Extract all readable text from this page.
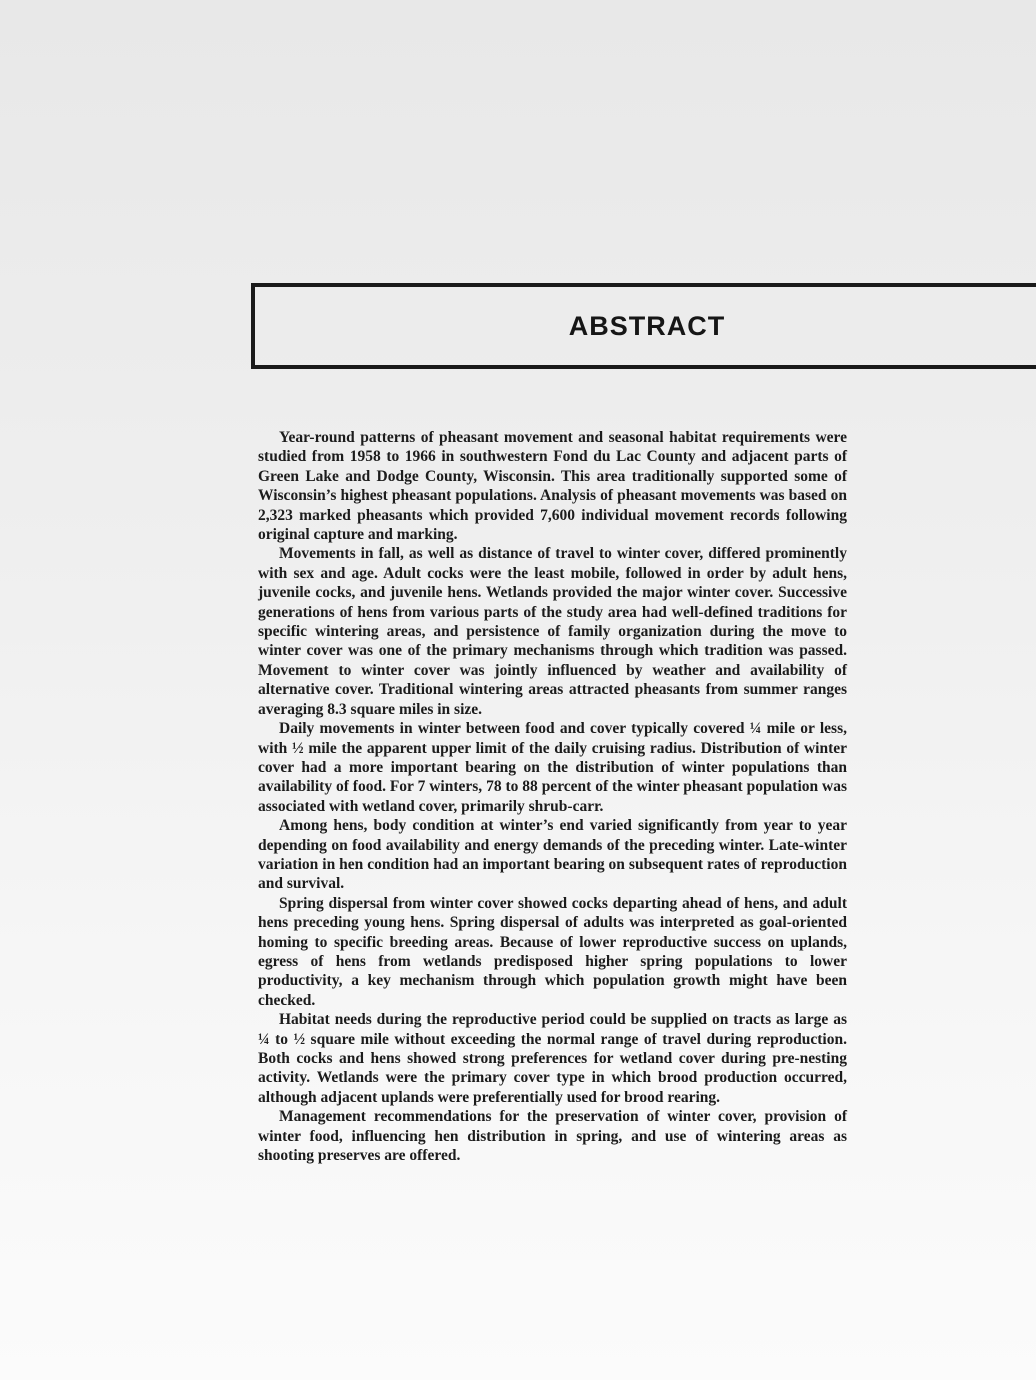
ABSTRACT

Year-round patterns of pheasant movement and seasonal habitat requirements were studied from 1958 to 1966 in southwestern Fond du Lac County and adjacent parts of Green Lake and Dodge County, Wisconsin. This area traditionally supported some of Wisconsin’s highest pheasant populations. Analysis of pheasant movements was based on 2,323 marked pheasants which provided 7,600 individual movement records following original capture and marking.

Movements in fall, as well as distance of travel to winter cover, differed prominently with sex and age. Adult cocks were the least mobile, followed in order by adult hens, juvenile cocks, and juvenile hens. Wetlands provided the major winter cover. Successive generations of hens from various parts of the study area had well-defined traditions for specific wintering areas, and persistence of family organization during the move to winter cover was one of the primary mechanisms through which tradition was passed. Movement to winter cover was jointly influenced by weather and availability of alternative cover. Traditional wintering areas attracted pheasants from summer ranges averaging 8.3 square miles in size.

Daily movements in winter between food and cover typically covered ¼ mile or less, with ½ mile the apparent upper limit of the daily cruising radius. Distribution of winter cover had a more important bearing on the distribution of winter populations than availability of food. For 7 winters, 78 to 88 percent of the winter pheasant population was associated with wetland cover, primarily shrub-carr.

Among hens, body condition at winter’s end varied significantly from year to year depending on food availability and energy demands of the preceding winter. Late-winter variation in hen condition had an important bearing on subsequent rates of reproduction and survival.

Spring dispersal from winter cover showed cocks departing ahead of hens, and adult hens preceding young hens. Spring dispersal of adults was interpreted as goal-oriented homing to specific breeding areas. Because of lower reproductive success on uplands, egress of hens from wetlands predisposed higher spring populations to lower productivity, a key mechanism through which population growth might have been checked.

Habitat needs during the reproductive period could be supplied on tracts as large as ¼ to ½ square mile without exceeding the normal range of travel during reproduction. Both cocks and hens showed strong preferences for wetland cover during pre-nesting activity. Wetlands were the primary cover type in which brood production occurred, although adjacent uplands were preferentially used for brood rearing.

Management recommendations for the preservation of winter cover, provision of winter food, influencing hen distribution in spring, and use of wintering areas as shooting preserves are offered.
